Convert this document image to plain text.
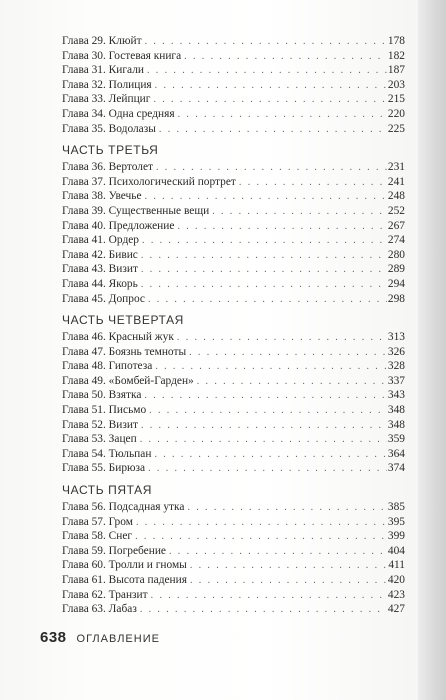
Глава 29. Клюйт . . .	178
Глава 30. Гостевая книга . . .	182
Глава 31. Кигали . . .	187
Глава 32. Полиция . . .	203
Глава 33. Лейпциг . . .	215
Глава 34. Одна средняя . . .	220
Глава 35. Водолазы . . .	225
ЧАСТЬ ТРЕТЬЯ
Глава 36. Вертолет . . .	231
Глава 37. Психологический портрет . . .	241
Глава 38. Увечье . . .	248
Глава 39. Существенные вещи . . .	252
Глава 40. Предложение . . .	267
Глава 41. Ордер . . .	274
Глава 42. Бивис . . .	280
Глава 43. Визит . . .	289
Глава 44. Якорь . . .	294
Глава 45. Допрос . . .	298
ЧАСТЬ ЧЕТВЕРТАЯ
Глава 46. Красный жук . . .	313
Глава 47. Боязнь темноты . . .	326
Глава 48. Гипотеза . . .	328
Глава 49. «Бомбей-Гарден» . . .	337
Глава 50. Взятка . . .	343
Глава 51. Письмо . . .	348
Глава 52. Визит . . .	348
Глава 53. Зацеп . . .	359
Глава 54. Тюльпан . . .	364
Глава 55. Бирюза . . .	374
ЧАСТЬ ПЯТАЯ
Глава 56. Подсадная утка . . .	385
Глава 57. Гром . . .	395
Глава 58. Снег . . .	399
Глава 59. Погребение . . .	404
Глава 60. Тролли и гномы . . .	411
Глава 61. Высота падения . . .	420
Глава 62. Транзит . . .	423
Глава 63. Лабаз . . .	427
638 ОГЛАВЛЕНИЕ
